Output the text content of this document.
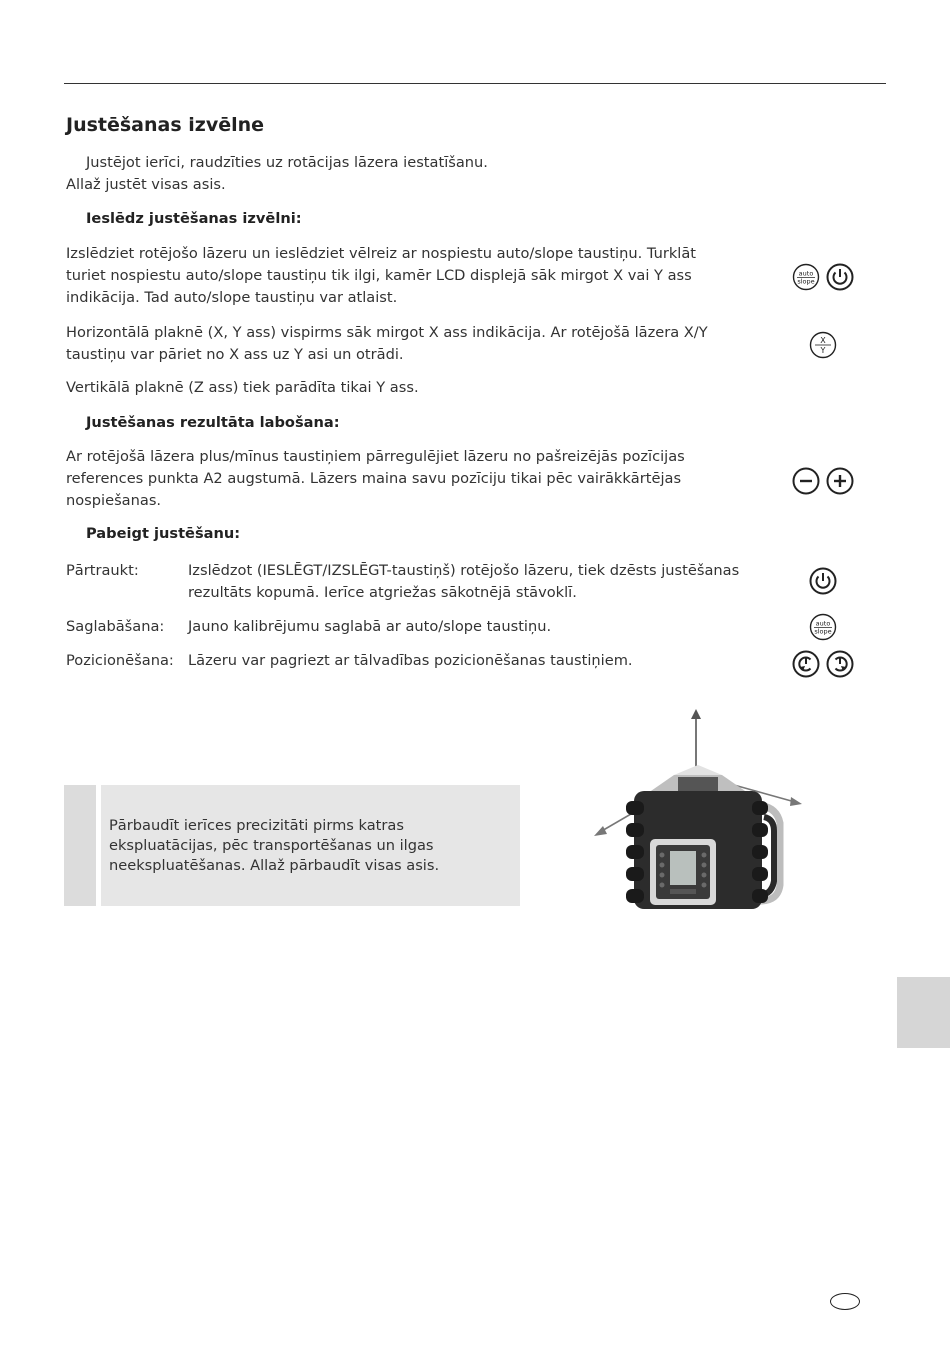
Justēšanas izvēlne

Justējot ierīci, raudzīties uz rotācijas lāzera iestatīšanu.

Allaž justēt visas asis.

Ieslēdz justēšanas izvēlni:

Izslēdziet rotējošo lāzeru un ieslēdziet vēlreiz ar nospiestu auto/slope taustiņu. Turklāt

turiet nospiestu auto/slope taustiņu tik ilgi, kamēr LCD displejā sāk mirgot X vai Y ass

indikācija. Tad auto/slope taustiņu var atlaist.

auto
slope

Horizontālā plaknē (X, Y ass) vispirms sāk mirgot X ass indikācija. Ar rotējošā lāzera X/Y

taustiņu var pāriet no X ass uz Y asi un otrādi.

X
Y

Vertikālā plaknē (Z ass) tiek parādīta tikai Y ass.

Justēšanas rezultāta labošana:

Ar rotējošā lāzera plus/mīnus taustiņiem pārregulējiet lāzeru no pašreizējās pozīcijas

references punkta A2 augstumā. Lāzers maina savu pozīciju tikai pēc vairākkārtējas

nospiešanas.

Pabeigt justēšanu:

Pārtraukt:	Izslēdzot (IESLĒGT/IZSLĒGT-taustiņš) rotējošo lāzeru, tiek dzēsts justēšanas
rezultāts kopumā. Ierīce atgriežas sākotnējā stāvoklī.
Saglabāšana: Jauno kalibrējumu saglabā ar auto/slope taustiņu.	auto
slope
Pozicionēšana: Lāzeru var pagriezt ar tālvadības pozicionēšanas taustiņiem.

Pārbaudīt ierīces precizitāti pirms katras
ekspluatācijas, pēc transportēšanas un ilgas
neekspluatēšanas. Allaž pārbaudīt visas asis.
